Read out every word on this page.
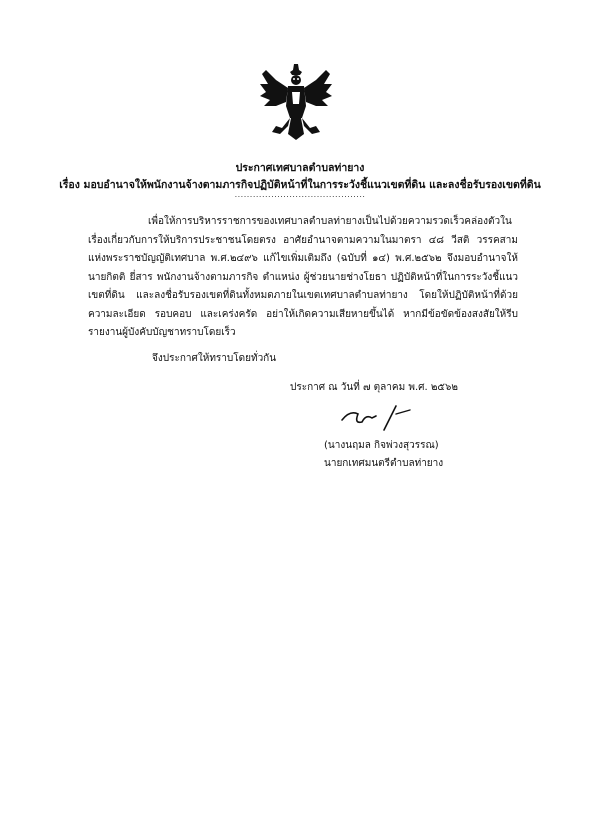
ประกาศเทศบาลตำบลท่ายาง
เรื่อง มอบอำนาจให้พนักงานจ้างตามภารกิจปฏิบัติหน้าที่ในการระวังชี้แนวเขตที่ดิน และลงชื่อรับรองเขตที่ดิน
...........................................
เพื่อให้การบริหารราชการของเทศบาลตำบลท่ายางเป็นไปด้วยความรวดเร็วคล่องตัวในเรื่องเกี่ยวกับการให้บริการประชาชนโดยตรง อาศัยอำนาจตามความในมาตรา ๔๘ วีสติ วรรคสามแห่งพระราชบัญญัติเทศบาล พ.ศ.๒๔๙๖ แก้ไขเพิ่มเติมถึง (ฉบับที่ ๑๔) พ.ศ.๒๕๖๒ จึงมอบอำนาจให้นายกิตติ ยี่สาร พนักงานจ้างตามภารกิจ ตำแหน่ง ผู้ช่วยนายช่างโยธา ปฏิบัติหน้าที่ในการระวังชี้แนวเขตที่ดิน และลงชื่อรับรองเขตที่ดินทั้งหมดภายในเขตเทศบาลตำบลท่ายาง โดยให้ปฏิบัติหน้าที่ด้วยความละเอียด รอบคอบ และเคร่งครัด อย่าให้เกิดความเสียหายขึ้นได้ หากมีข้อขัดข้องสงสัยให้รีบรายงานผู้บังคับบัญชาทราบโดยเร็ว
จึงประกาศให้ทราบโดยทั่วกัน
ประกาศ ณ วันที่ ๗ ตุลาคม พ.ศ. ๒๕๖๒
(นางนฤมล กิจพ่วงสุวรรณ)
นายกเทศมนตรีตำบลท่ายาง
